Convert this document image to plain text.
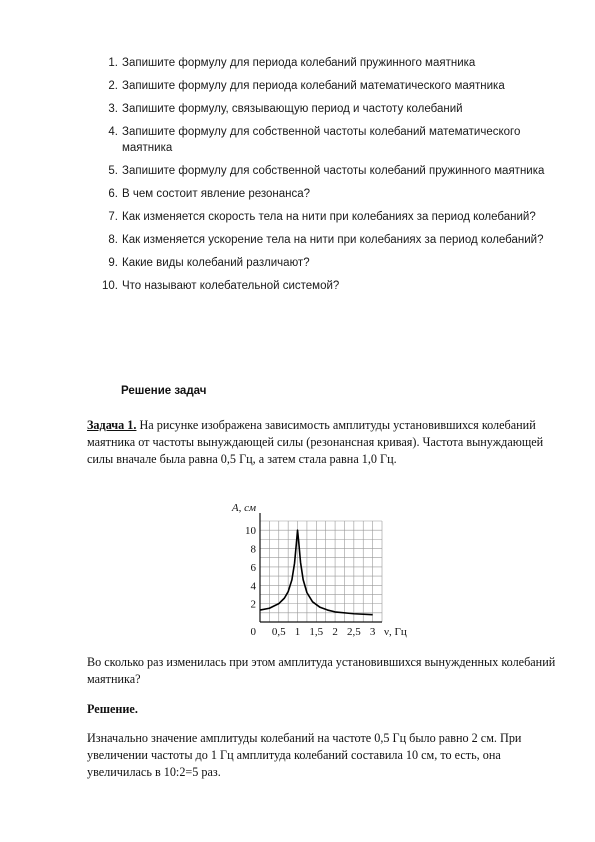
1. Запишите формулу для периода колебаний пружинного маятника
2. Запишите формулу для периода колебаний математического маятника
3. Запишите формулу, связывающую период и частоту колебаний
4. Запишите формулу для собственной частоты колебаний математического маятника
5. Запишите формулу для собственной частоты колебаний пружинного маятника
6. В чем состоит явление резонанса?
7. Как изменяется скорость тела на нити при колебаниях за период колебаний?
8. Как изменяется ускорение тела на нити при колебаниях за период колебаний?
9. Какие виды колебаний различают?
10. Что называют колебательной системой?
Решение задач
Задача 1. На рисунке изображена зависимость амплитуды установившихся колебаний маятника от частоты вынуждающей силы (резонансная кривая). Частота вынуждающей силы вначале была равна 0,5 Гц, а затем стала равна 1,0 Гц.
0,5 1 1,5 2 2,5 3
2
4
6
8
10
0
A, см
ν, Гц
Во сколько раз изменилась при этом амплитуда установившихся вынужденных колебаний маятника?
Решение.
Изначально значение амплитуды колебаний на частоте 0,5 Гц было равно 2 см. При увеличении частоты до 1 Гц амплитуда колебаний составила 10 см, то есть, она увеличилась в 10:2=5 раз.
